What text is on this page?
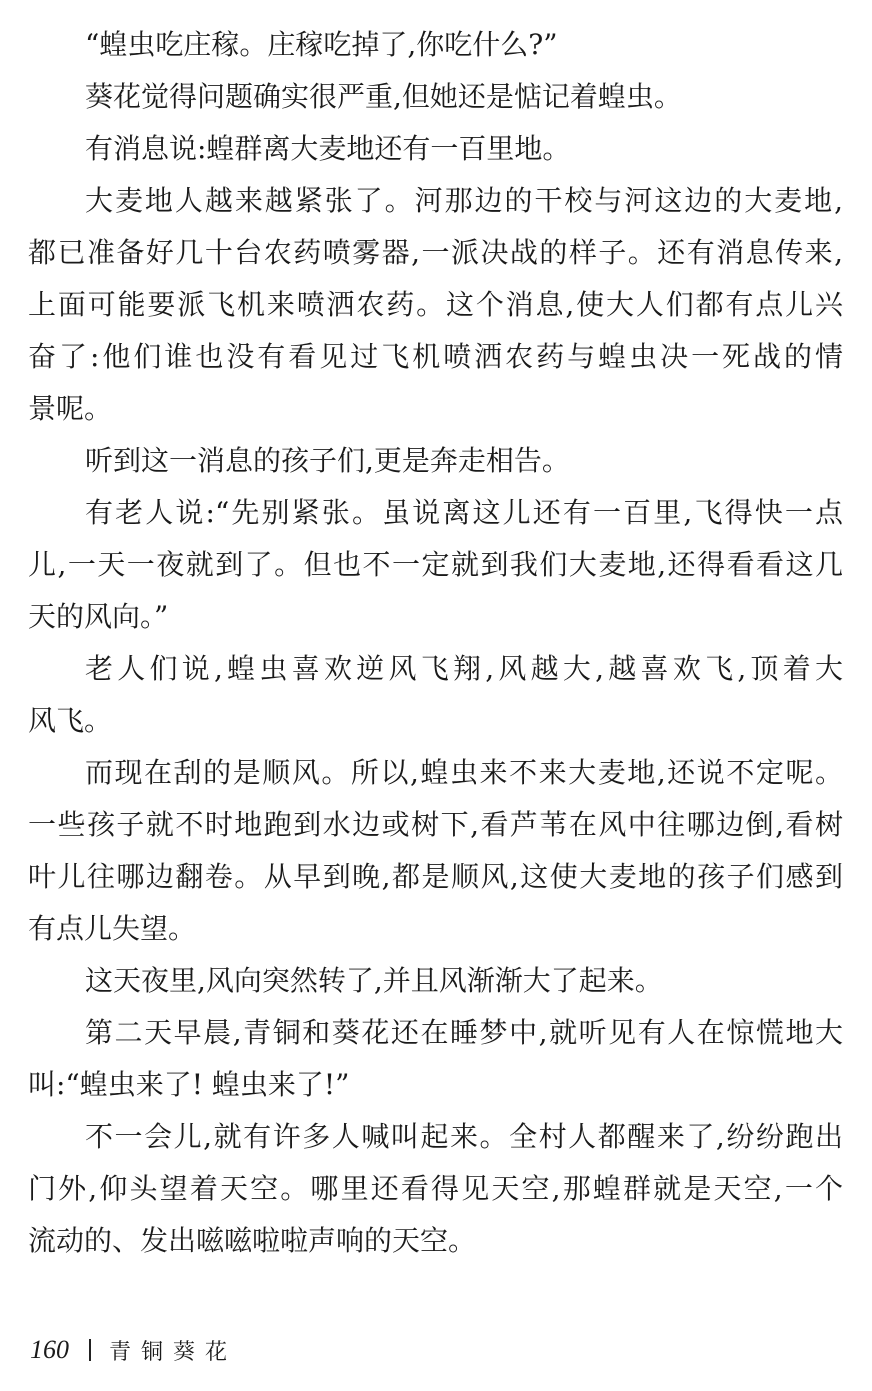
“蝗虫吃庄稼。庄稼吃掉了,你吃什么?”
葵花觉得问题确实很严重,但她还是惦记着蝗虫。
有消息说:蝗群离大麦地还有一百里地。
大麦地人越来越紧张了。河那边的干校与河这边的大麦地,
都已准备好几十台农药喷雾器,一派决战的样子。还有消息传来,
上面可能要派飞机来喷洒农药。这个消息,使大人们都有点儿兴
奋了:他们谁也没有看见过飞机喷洒农药与蝗虫决一死战的情
景呢。
听到这一消息的孩子们,更是奔走相告。
有老人说:“先别紧张。虽说离这儿还有一百里,飞得快一点
儿,一天一夜就到了。但也不一定就到我们大麦地,还得看看这几
天的风向。”
老人们说,蝗虫喜欢逆风飞翔,风越大,越喜欢飞,顶着大
风飞。
而现在刮的是顺风。所以,蝗虫来不来大麦地,还说不定呢。
一些孩子就不时地跑到水边或树下,看芦苇在风中往哪边倒,看树
叶儿往哪边翻卷。从早到晚,都是顺风,这使大麦地的孩子们感到
有点儿失望。
这天夜里,风向突然转了,并且风渐渐大了起来。
第二天早晨,青铜和葵花还在睡梦中,就听见有人在惊慌地大
叫:“蝗虫来了! 蝗虫来了!”
不一会儿,就有许多人喊叫起来。全村人都醒来了,纷纷跑出
门外,仰头望着天空。哪里还看得见天空,那蝗群就是天空,一个
流动的、发出嗞嗞啦啦声响的天空。
160 青铜葵花
